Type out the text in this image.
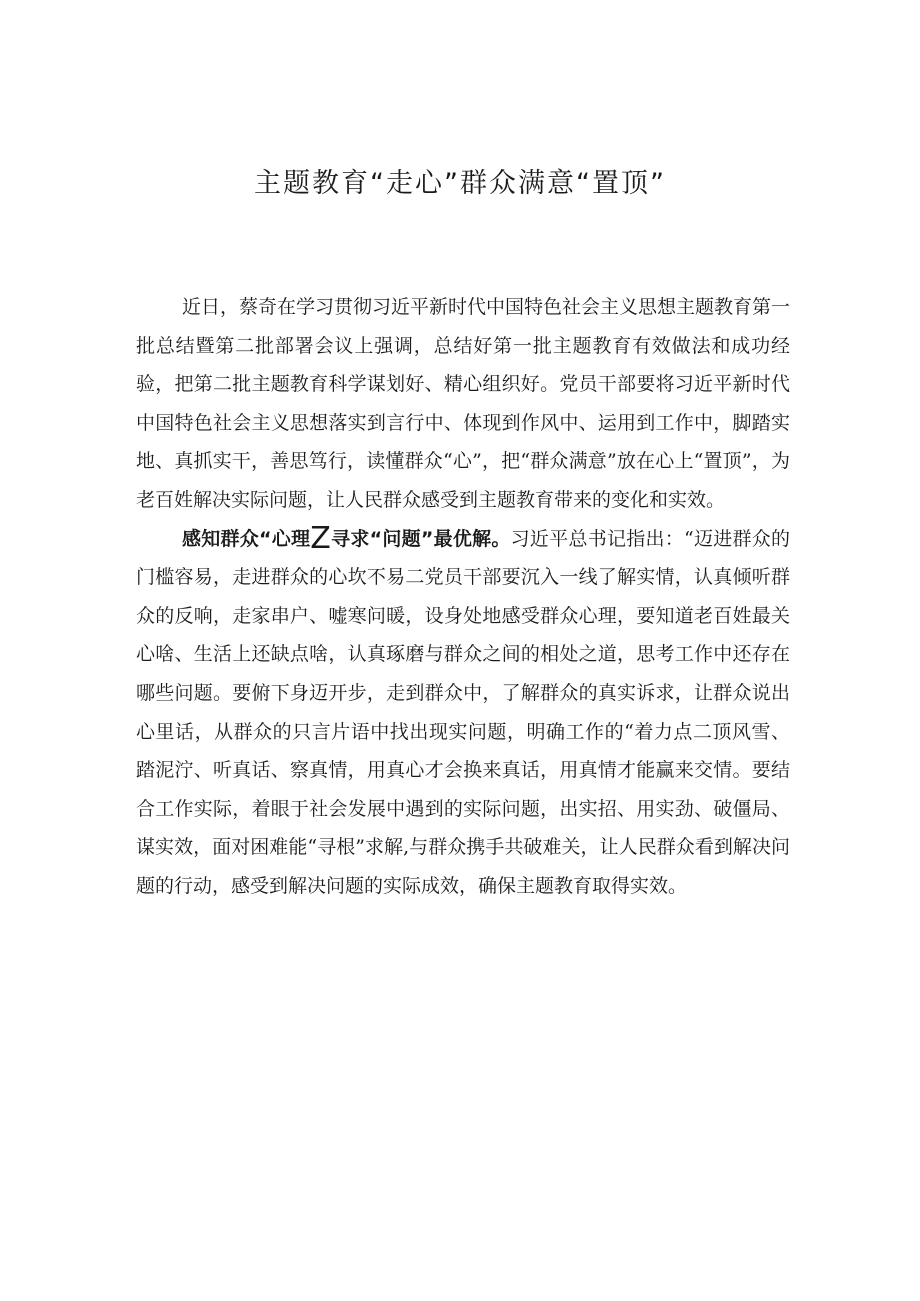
主题教育“走心”群众满意“置顶”

近日，蔡奇在学习贯彻习近平新时代中国特色社会主义思想主题教育第一批总结暨第二批部署会议上强调，总结好第一批主题教育有效做法和成功经验，把第二批主题教育科学谋划好、精心组织好。党员干部要将习近平新时代中国特色社会主义思想落实到言行中、体现到作风中、运用到工作中，脚踏实地、真抓实干，善思笃行，读懂群众“心”，把“群众满意”放在心上“置顶”，为老百姓解决实际问题，让人民群众感受到主题教育带来的变化和实效。

感知群众“心理Z寻求“问题”最优解。习近平总书记指出：“迈进群众的门槛容易，走进群众的心坎不易二党员干部要沉入一线了解实情，认真倾听群众的反响，走家串户、嘘寒问暖，设身处地感受群众心理，要知道老百姓最关心啥、生活上还缺点啥，认真琢磨与群众之间的相处之道，思考工作中还存在哪些问题。要俯下身迈开步，走到群众中，了解群众的真实诉求，让群众说出心里话，从群众的只言片语中找出现实问题，明确工作的“着力点二顶风雪、踏泥泞、听真话、察真情，用真心才会换来真话，用真情才能赢来交情。要结合工作实际，着眼于社会发展中遇到的实际问题，出实招、用实劲、破僵局、谋实效，面对困难能“寻根”求解,与群众携手共破难关，让人民群众看到解决问题的行动，感受到解决问题的实际成效，确保主题教育取得实效。
